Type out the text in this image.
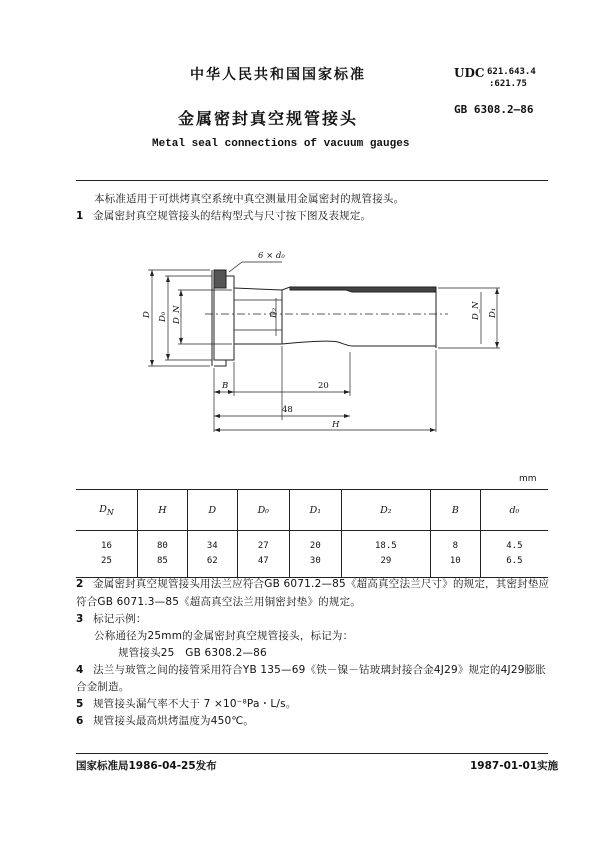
中华人民共和国国家标准
金属密封真空规管接头
Metal seal connections of vacuum gauges
UDC 621.643.4
:621.75
GB 6308.2—86
本标准适用于可烘烤真空系统中真空测量用金属密封的规管接头。
1 金属密封真空规管接头的结构型式与尺寸按下图及表规定。
6 × d₀
D D₀ D_N	D₂	D_N D₁
B	20
48
H
mm
$D_N$	H	D	D₀	D₁	D₂	B	d₀
16	80	34	27	20	18.5	8	4.5
25	85	62	47	30	29	10	6.5
2 金属密封真空规管接头用法兰应符合GB 6071.2—85《超高真空法兰尺寸》的规定，其密封垫应
符合GB 6071.3—85《超高真空法兰用铜密封垫》的规定。
3 标记示例：
公称通径为25mm的金属密封真空规管接头，标记为：
规管接头25　GB 6308.2—86
4 法兰与玻管之间的接管采用符合YB 135—69《铁－镍－钴玻璃封接合金4J29》规定的4J29膨胀
合金制造。
5 规管接头漏气率不大于 7 ×10⁻⁸Pa・L/s。
6 规管接头最高烘烤温度为450℃。
国家标准局1986-04-25发布	1987-01-01实施
